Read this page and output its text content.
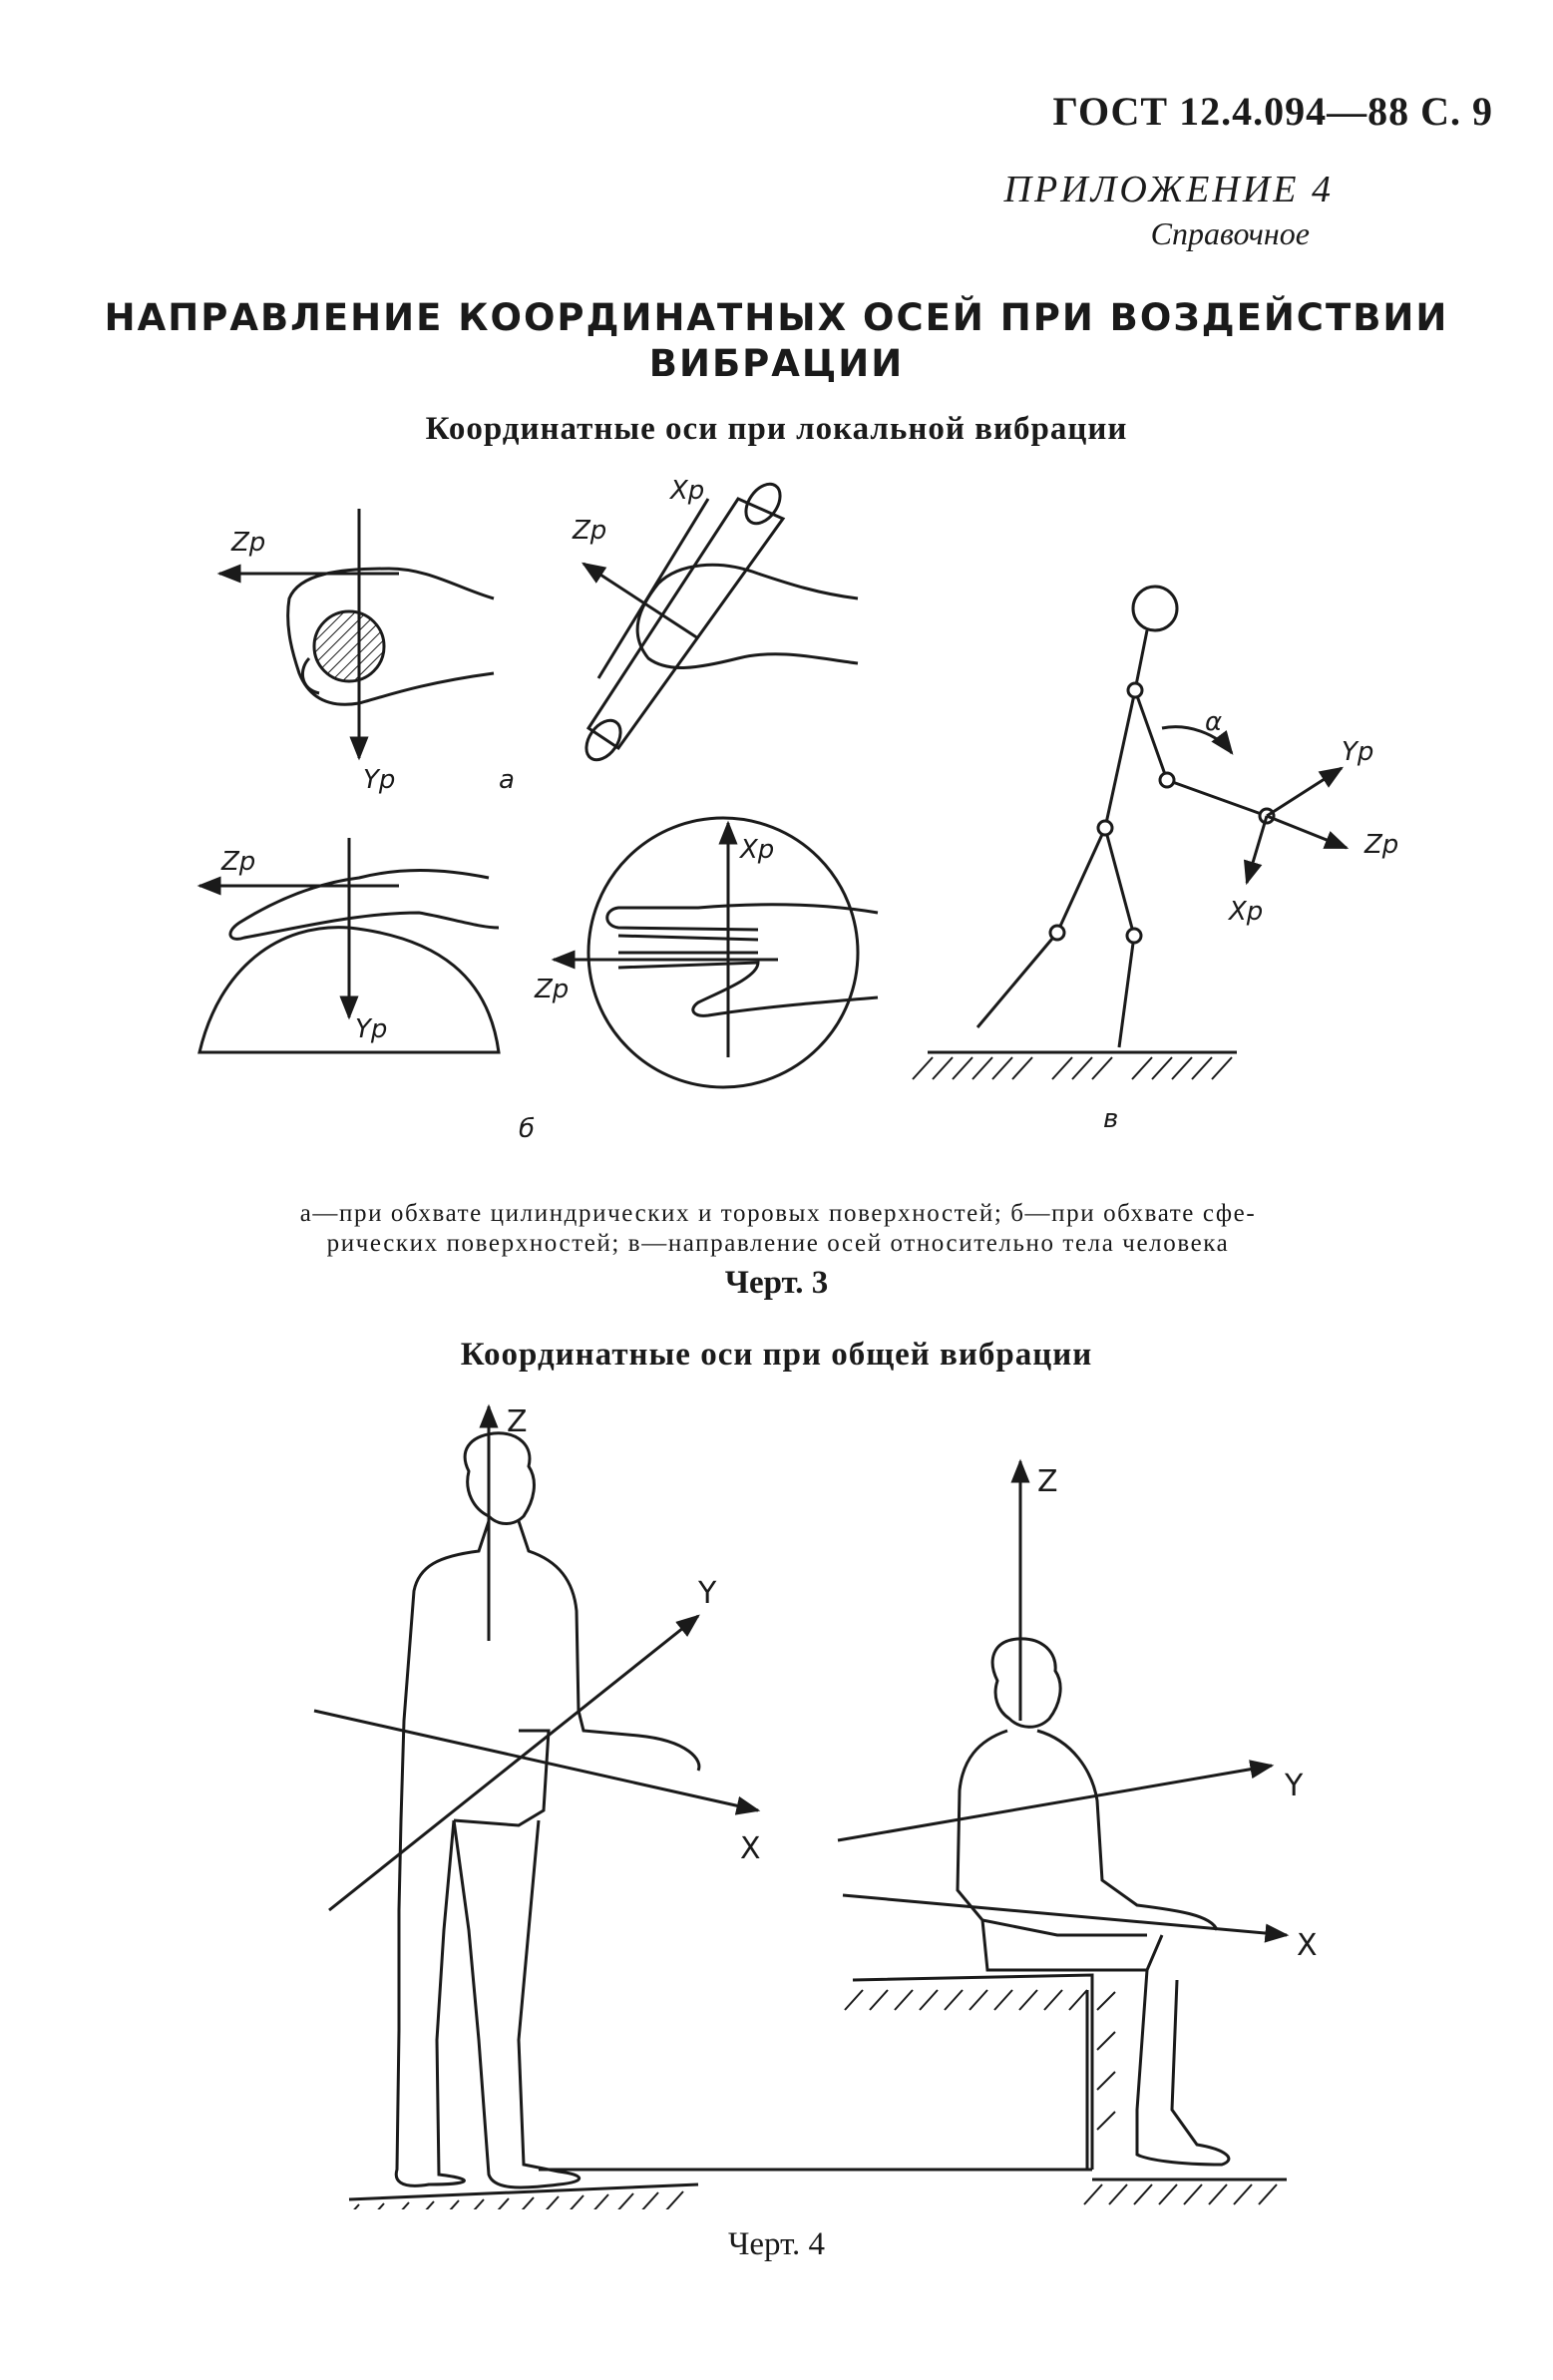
ГОСТ 12.4.094—88 С. 9
ПРИЛОЖЕНИЕ 4
Справочное
НАПРАВЛЕНИЕ КООРДИНАТНЫХ ОСЕЙ ПРИ ВОЗДЕЙСТВИИ
ВИБРАЦИИ
Координатные оси при локальной вибрации
Zp
Yp
Xp
Zp
а
Zp
Yp
Xp
Zp
б
α
Yp
Zp
Xp
в
а—при обхвате цилиндрических и торовых поверхностей; б—при обхвате сфе-
рических поверхностей; в—направление осей относительно тела человека
Черт. 3
Координатные оси при общей вибрации
Z
Y
X
Z
Y
X
Черт. 4
